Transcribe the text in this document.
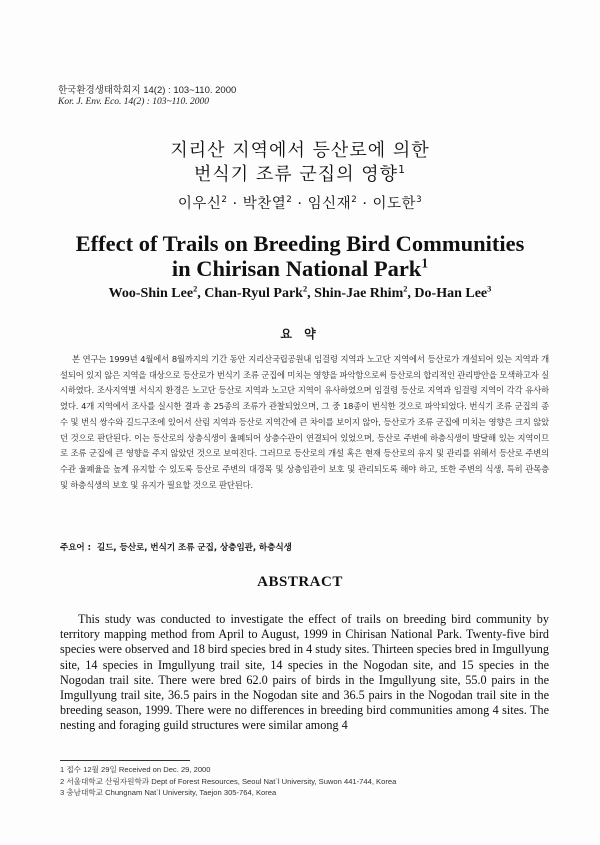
한국환경생태학회지 14(2) : 103~110. 2000
Kor. J. Env. Eco. 14(2) : 103~110. 2000
지리산 지역에서 등산로에 의한
번식기 조류 군집의 영향$^1$
이우신$^2$ · 박찬열$^2$ · 임신재$^2$ · 이도한$^3$
Effect of Trails on Breeding Bird Communities
in Chirisan National Park$^1$
Woo-Shin Lee$^2$, Chan-Ryul Park$^2$, Shin-Jae Rhim$^2$, Do-Han Lee$^3$
요 약

본 연구는 1999년 4월에서 8월까지의 기간 동안 지리산국립공원내 임걸령 지역과 노고단 지역에서 등산로가 개설되어 있는 지역과 개설되어 있지 않은 지역을 대상으로 등산로가 번식기 조류 군집에 미치는 영향을 파악함으로써 등산로의 합리적인 관리방안을 모색하고자 실시하였다. 조사지역별 서식지 환경은 노고단 등산로 지역과 노고단 지역이 유사하였으며 임걸령 등산로 지역과 임걸령 지역이 각각 유사하였다. 4개 지역에서 조사를 실시한 결과 총 25종의 조류가 관찰되었으며, 그 중 18종이 번식한 것으로 파악되었다. 번식기 조류 군집의 종 수 및 번식 쌍수와 길드구조에 있어서 산림 지역과 등산로 지역간에 큰 차이를 보이지 않아, 등산로가 조류 군집에 미치는 영향은 크지 않았던 것으로 판단된다. 이는 등산로의 상층식생이 울폐되어 상층수관이 연결되어 있었으며, 등산로 주변에 하층식생이 발달해 있는 지역이므로 조류 군집에 큰 영향을 주지 않았던 것으로 보여진다. 그러므로 등산로의 개설 혹은 현재 등산로의 유지 및 관리를 위해서 등산로 주변의 수관 울폐율을 높게 유지할 수 있도록 등산로 주변의 대경목 및 상층임관이 보호 및 관리되도록 해야 하고, 또한 주변의 식생, 특히 관목층 및 하층식생의 보호 및 유지가 필요할 것으로 판단된다.

주요어 : 길드, 등산로, 번식기 조류 군집, 상층임관, 하층식생
ABSTRACT

This study was conducted to investigate the effect of trails on breeding bird community by territory mapping method from April to August, 1999 in Chirisan National Park. Twenty-five bird species were observed and 18 bird species bred in 4 study sites. Thirteen species bred in Imgullyung site, 14 species in Imgullyung trail site, 14 species in the Nogodan site, and 15 species in the Nogodan trail site. There were bred 62.0 pairs of birds in the Imgullyung site, 55.0 pairs in the Imgullyung trail site, 36.5 pairs in the Nogodan site and 36.5 pairs in the Nogodan trail site in the breeding season, 1999. There were no differences in breeding bird communities among 4 sites. The nesting and foraging guild structures were similar among 4

1 접수 12월 29일 Received on Dec. 29, 2000
2 서울대학교 산림자원학과 Dept of Forest Resources, Seoul Nat`l University, Suwon 441-744, Korea
3 충남대학교 Chungnam Nat`l University, Taejon 305-764, Korea
